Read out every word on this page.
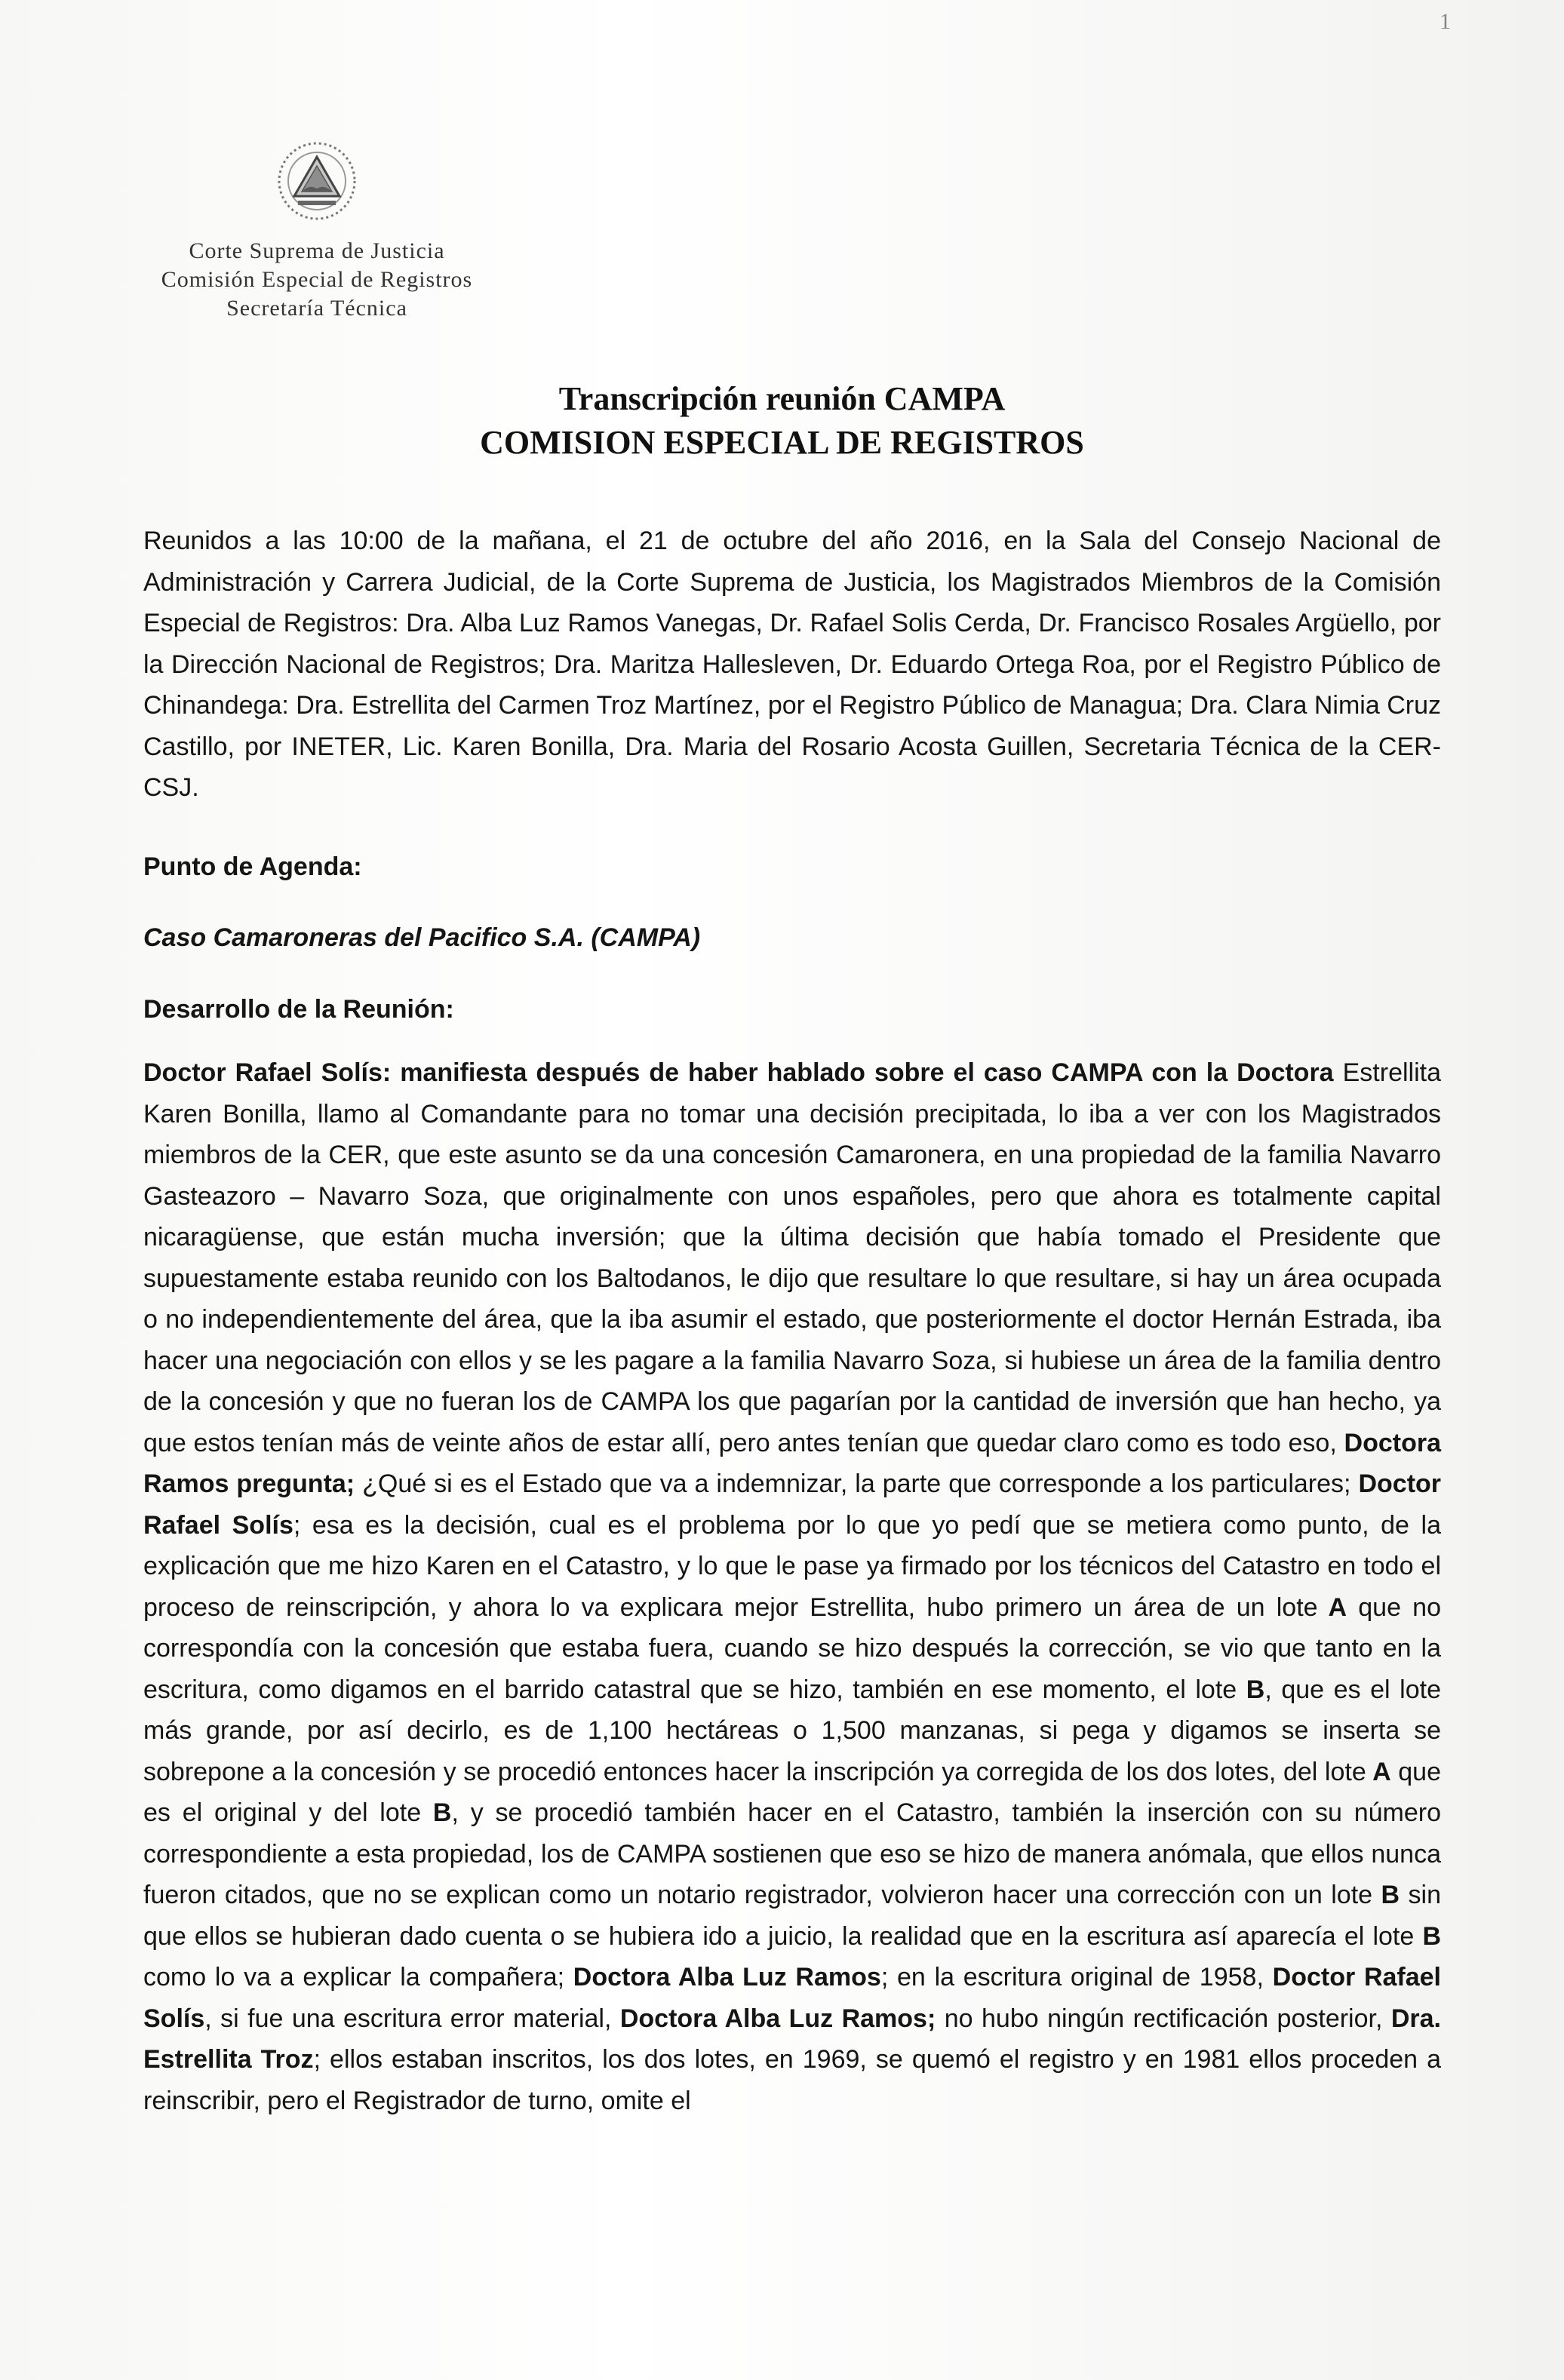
1
Corte Suprema de Justicia
Comisión Especial de Registros
Secretaría Técnica
Transcripción reunión CAMPA
COMISION ESPECIAL DE REGISTROS

Reunidos a las 10:00 de la mañana, el 21 de octubre del año 2016, en la Sala del Consejo Nacional de Administración y Carrera Judicial, de la Corte Suprema de Justicia, los Magistrados Miembros de la Comisión Especial de Registros: Dra. Alba Luz Ramos Vanegas, Dr. Rafael Solis Cerda, Dr. Francisco Rosales Argüello, por la Dirección Nacional de Registros; Dra. Maritza Hallesleven, Dr. Eduardo Ortega Roa, por el Registro Público de Chinandega: Dra. Estrellita del Carmen Troz Martínez, por el Registro Público de Managua; Dra. Clara Nimia Cruz Castillo, por INETER, Lic. Karen Bonilla, Dra. Maria del Rosario Acosta Guillen, Secretaria Técnica de la CER-CSJ.

Punto de Agenda:

Caso Camaroneras del Pacifico S.A. (CAMPA)

Desarrollo de la Reunión:

Doctor Rafael Solís: manifiesta después de haber hablado sobre el caso CAMPA con la Doctora Estrellita Karen Bonilla, llamo al Comandante para no tomar una decisión precipitada, lo iba a ver con los Magistrados miembros de la CER, que este asunto se da una concesión Camaronera, en una propiedad de la familia Navarro Gasteazoro – Navarro Soza, que originalmente con unos españoles, pero que ahora es totalmente capital nicaragüense, que están mucha inversión; que la última decisión que había tomado el Presidente que supuestamente estaba reunido con los Baltodanos, le dijo que resultare lo que resultare, si hay un área ocupada o no independientemente del área, que la iba asumir el estado, que posteriormente el doctor Hernán Estrada, iba hacer una negociación con ellos y se les pagare a la familia Navarro Soza, si hubiese un área de la familia dentro de la concesión y que no fueran los de CAMPA los que pagarían por la cantidad de inversión que han hecho, ya que estos tenían más de veinte años de estar allí, pero antes tenían que quedar claro como es todo eso, Doctora Ramos pregunta; ¿Qué si es el Estado que va a indemnizar, la parte que corresponde a los particulares; Doctor Rafael Solís; esa es la decisión, cual es el problema por lo que yo pedí que se metiera como punto, de la explicación que me hizo Karen en el Catastro, y lo que le pase ya firmado por los técnicos del Catastro en todo el proceso de reinscripción, y ahora lo va explicara mejor Estrellita, hubo primero un área de un lote A que no correspondía con la concesión que estaba fuera, cuando se hizo después la corrección, se vio que tanto en la escritura, como digamos en el barrido catastral que se hizo, también en ese momento, el lote B, que es el lote más grande, por así decirlo, es de 1,100 hectáreas o 1,500 manzanas, si pega y digamos se inserta se sobrepone a la concesión y se procedió entonces hacer la inscripción ya corregida de los dos lotes, del lote A que es el original y del lote B, y se procedió también hacer en el Catastro, también la inserción con su número correspondiente a esta propiedad, los de CAMPA sostienen que eso se hizo de manera anómala, que ellos nunca fueron citados, que no se explican como un notario registrador, volvieron hacer una corrección con un lote B sin que ellos se hubieran dado cuenta o se hubiera ido a juicio, la realidad que en la escritura así aparecía el lote B como lo va a explicar la compañera; Doctora Alba Luz Ramos; en la escritura original de 1958, Doctor Rafael Solís, si fue una escritura error material, Doctora Alba Luz Ramos; no hubo ningún rectificación posterior, Dra. Estrellita Troz; ellos estaban inscritos, los dos lotes, en 1969, se quemó el registro y en 1981 ellos proceden a reinscribir, pero el Registrador de turno, omite el
